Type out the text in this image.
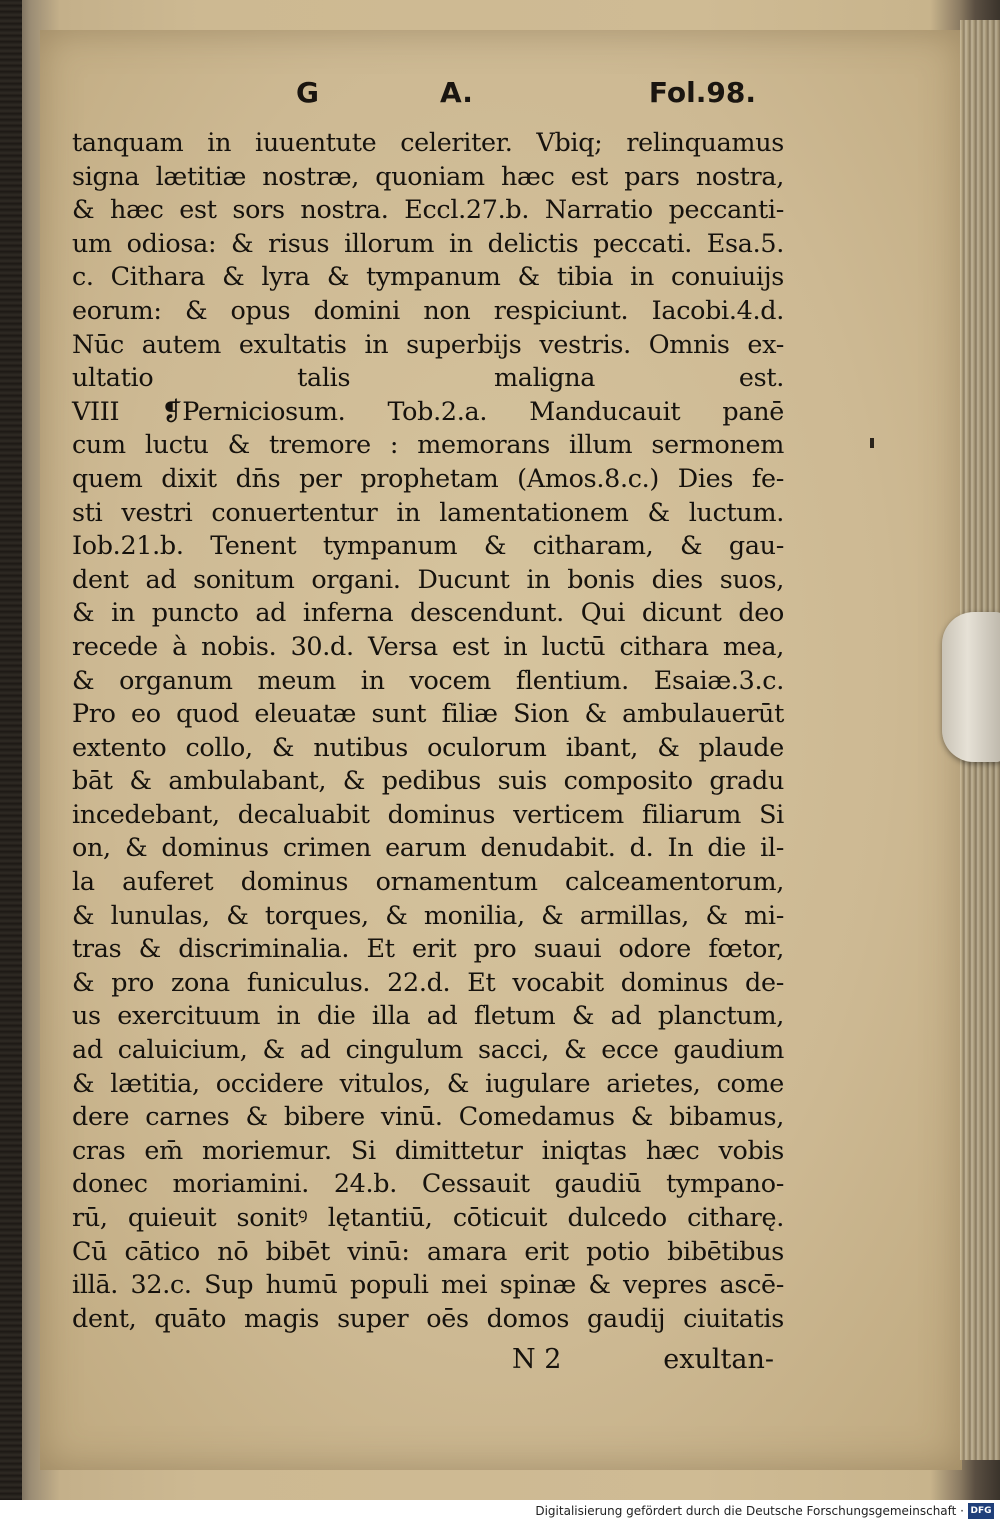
G	A.	Fol.98.
tanquam in iuuentute celeriter. Vbiq; relinquamus
signa lætitiæ nostræ, quoniam hæc est pars nostra,
& hæc est sors nostra. Eccl.27.b. Narratio peccanti-
um odiosa: & risus illorum in delictis peccati. Esa.5.
c. Cithara & lyra & tympanum & tibia in conuiuijs
eorum: & opus domini non respiciunt. Iacobi.4.d.
Nūc autem exultatis in superbijs vestris. Omnis ex-
ultatio talis maligna est.
VIII ❡Perniciosum. Tob.2.a. Manducauit panē
cum luctu & tremore : memorans illum sermonem
quem dixit dn̄s per prophetam (Amos.8.c.) Dies fe-
sti vestri conuertentur in lamentationem & luctum.
Iob.21.b. Tenent tympanum & citharam, & gau-
dent ad sonitum organi. Ducunt in bonis dies suos,
& in puncto ad inferna descendunt. Qui dicunt deo
recede à nobis. 30.d. Versa est in luctū cithara mea,
& organum meum in vocem flentium. Esaiæ.3.c.
Pro eo quod eleuatæ sunt filiæ Sion & ambulauerūt
extento collo, & nutibus oculorum ibant, & plaude
bāt & ambulabant, & pedibus suis composito gradu
incedebant, decaluabit dominus verticem filiarum Si
on, & dominus crimen earum denudabit. d. In die il-
la auferet dominus ornamentum calceamentorum,
& lunulas, & torques, & monilia, & armillas, & mi-
tras & discriminalia. Et erit pro suaui odore fœtor,
& pro zona funiculus. 22.d. Et vocabit dominus de-
us exercituum in die illa ad fletum & ad planctum,
ad caluicium, & ad cingulum sacci, & ecce gaudium
& lætitia, occidere vitulos, & iugulare arietes, come
dere carnes & bibere vinū. Comedamus & bibamus,
cras em̄ moriemur. Si dimittetur iniqtas hæc vobis
donec moriamini. 24.b. Cessauit gaudiū tympano-
rū, quieuit sonitꝰ lętantiū, cōticuit dulcedo citharę.
Cū cātico nō bibēt vinū: amara erit potio bibētibus
illā. 32.c. Sup humū populi mei spinæ & vepres ascē-
dent, quāto magis super oēs domos gaudij ciuitatis
N 2	exultan-
Digitalisierung gefördert durch die Deutsche Forschungsgemeinschaft · DFG
